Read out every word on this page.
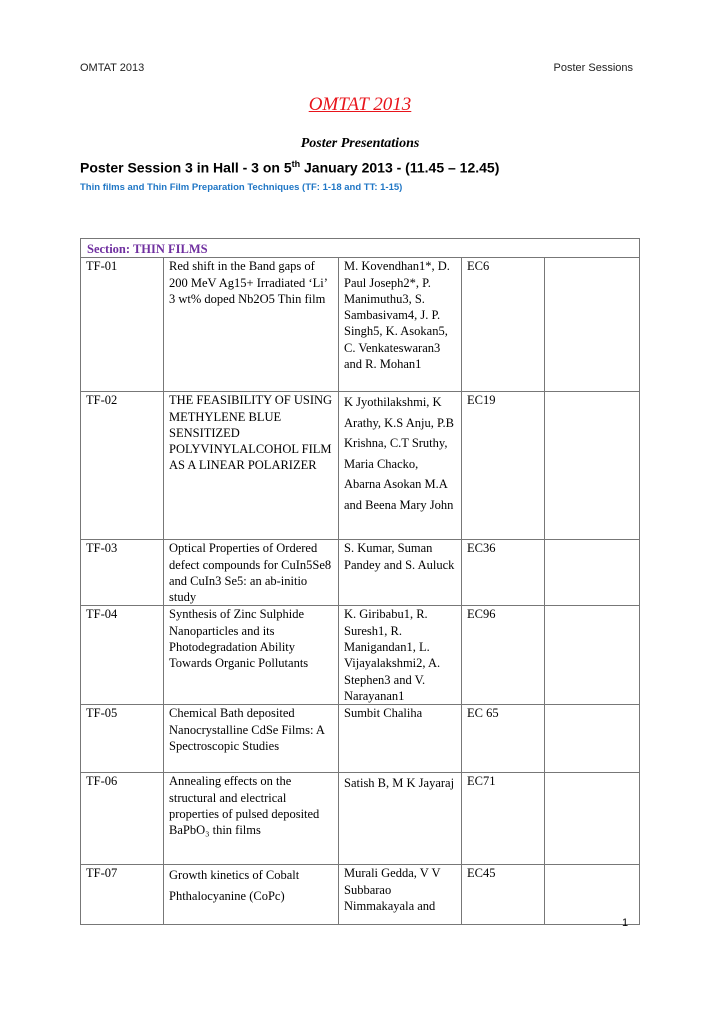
OMTAT 2013	Poster Sessions
OMTAT 2013
Poster Presentations
Poster Session 3 in Hall - 3 on 5th January 2013 - (11.45 – 12.45)
Thin films and Thin Film Preparation Techniques (TF: 1-18 and TT: 1-15)
Section: THIN FILMS				
TF-01	Red shift in the Band gaps of 200 MeV Ag15+ Irradiated ‘Li’ 3 wt% doped Nb2O5 Thin film	M. Kovendhan1*, D. Paul Joseph2*, P. Manimuthu3, S. Sambasivam4, J. P. Singh5, K. Asokan5, C. Venkateswaran3 and R. Mohan1	EC6	
TF-02	THE FEASIBILITY OF USING METHYLENE BLUE SENSITIZED POLYVINYLALCOHOL FILM AS A LINEAR POLARIZER	K Jyothilakshmi, K Arathy, K.S Anju, P.B Krishna, C.T Sruthy, Maria Chacko, Abarna Asokan M.A and Beena Mary John	EC19	
TF-03	Optical Properties of Ordered defect compounds for CuIn5Se8 and CuIn3 Se5: an ab-initio study	S. Kumar, Suman Pandey and S. Auluck	EC36	
TF-04	Synthesis of Zinc Sulphide Nanoparticles and its Photodegradation Ability Towards Organic Pollutants	K. Giribabu1, R. Suresh1, R. Manigandan1, L. Vijayalakshmi2, A. Stephen3 and V. Narayanan1	EC96	
TF-05	Chemical Bath deposited Nanocrystalline CdSe Films: A Spectroscopic Studies	Sumbit Chaliha	EC 65	
TF-06	Annealing effects on the structural and electrical properties of pulsed deposited BaPbO₃ thin films	Satish B, M K Jayaraj	EC71	
TF-07	Growth kinetics of Cobalt Phthalocyanine (CoPc)	Murali Gedda, V V Subbarao Nimmakayala and	EC45	
1
